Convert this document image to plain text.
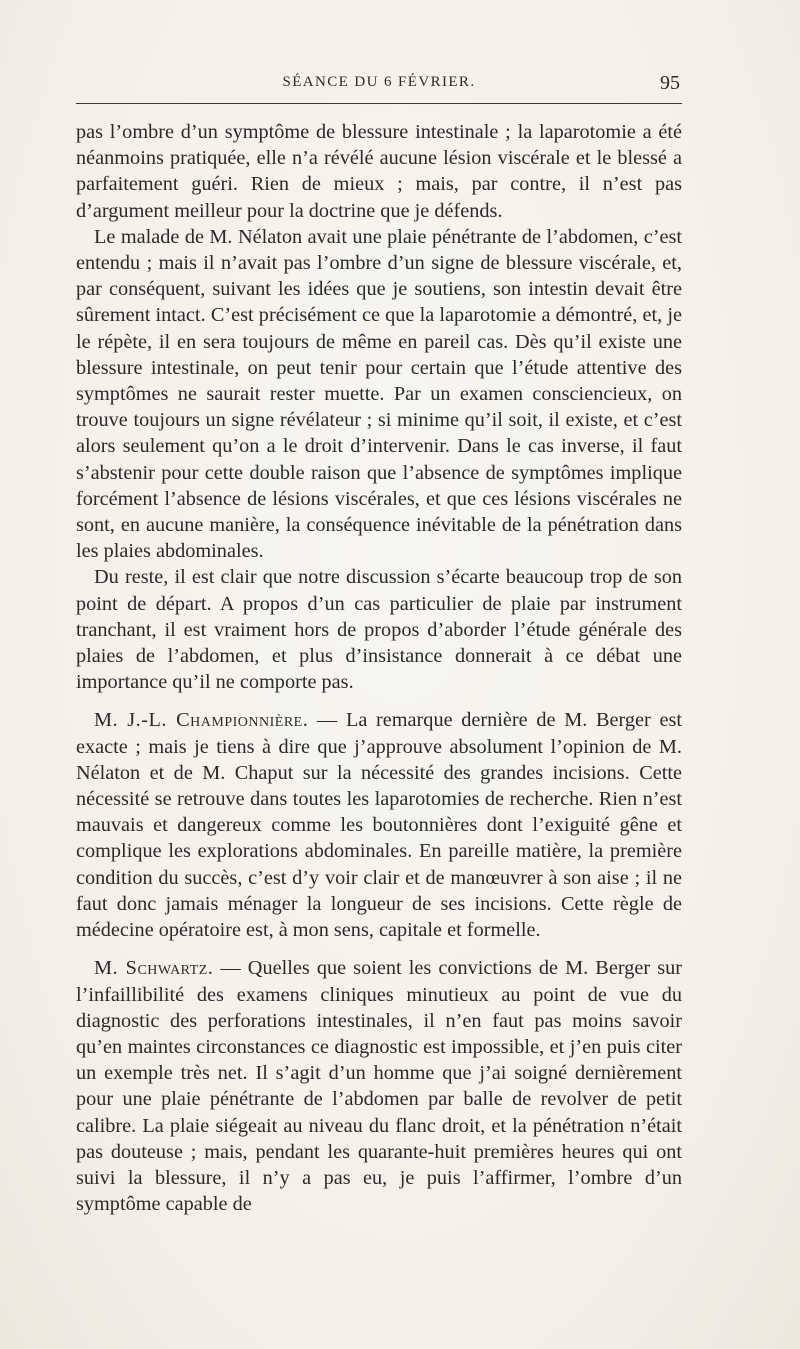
SÉANCE DU 6 FÉVRIER.	95

pas l’ombre d’un symptôme de blessure intestinale ; la laparotomie a été néanmoins pratiquée, elle n’a révélé aucune lésion viscérale et le blessé a parfaitement guéri. Rien de mieux ; mais, par contre, il n’est pas d’argument meilleur pour la doctrine que je défends.

Le malade de M. Nélaton avait une plaie pénétrante de l’abdomen, c’est entendu ; mais il n’avait pas l’ombre d’un signe de blessure viscérale, et, par conséquent, suivant les idées que je soutiens, son intestin devait être sûrement intact. C’est précisément ce que la laparotomie a démontré, et, je le répète, il en sera toujours de même en pareil cas. Dès qu’il existe une blessure intestinale, on peut tenir pour certain que l’étude attentive des symptômes ne saurait rester muette. Par un examen consciencieux, on trouve toujours un signe révélateur ; si minime qu’il soit, il existe, et c’est alors seulement qu’on a le droit d’intervenir. Dans le cas inverse, il faut s’abstenir pour cette double raison que l’absence de symptômes implique forcément l’absence de lésions viscérales, et que ces lésions viscérales ne sont, en aucune manière, la conséquence inévitable de la pénétration dans les plaies abdominales.

Du reste, il est clair que notre discussion s’écarte beaucoup trop de son point de départ. A propos d’un cas particulier de plaie par instrument tranchant, il est vraiment hors de propos d’aborder l’étude générale des plaies de l’abdomen, et plus d’insistance donnerait à ce débat une importance qu’il ne comporte pas.

M. J.-L. Championnière. — La remarque dernière de M. Berger est exacte ; mais je tiens à dire que j’approuve absolument l’opinion de M. Nélaton et de M. Chaput sur la nécessité des grandes incisions. Cette nécessité se retrouve dans toutes les laparotomies de recherche. Rien n’est mauvais et dangereux comme les boutonnières dont l’exiguité gêne et complique les explorations abdominales. En pareille matière, la première condition du succès, c’est d’y voir clair et de manœuvrer à son aise ; il ne faut donc jamais ménager la longueur de ses incisions. Cette règle de médecine opératoire est, à mon sens, capitale et formelle.

M. Schwartz. — Quelles que soient les convictions de M. Berger sur l’infaillibilité des examens cliniques minutieux au point de vue du diagnostic des perforations intestinales, il n’en faut pas moins savoir qu’en maintes circonstances ce diagnostic est impossible, et j’en puis citer un exemple très net. Il s’agit d’un homme que j’ai soigné dernièrement pour une plaie pénétrante de l’abdomen par balle de revolver de petit calibre. La plaie siégeait au niveau du flanc droit, et la pénétration n’était pas douteuse ; mais, pendant les quarante-huit premières heures qui ont suivi la blessure, il n’y a pas eu, je puis l’affirmer, l’ombre d’un symptôme capable de
